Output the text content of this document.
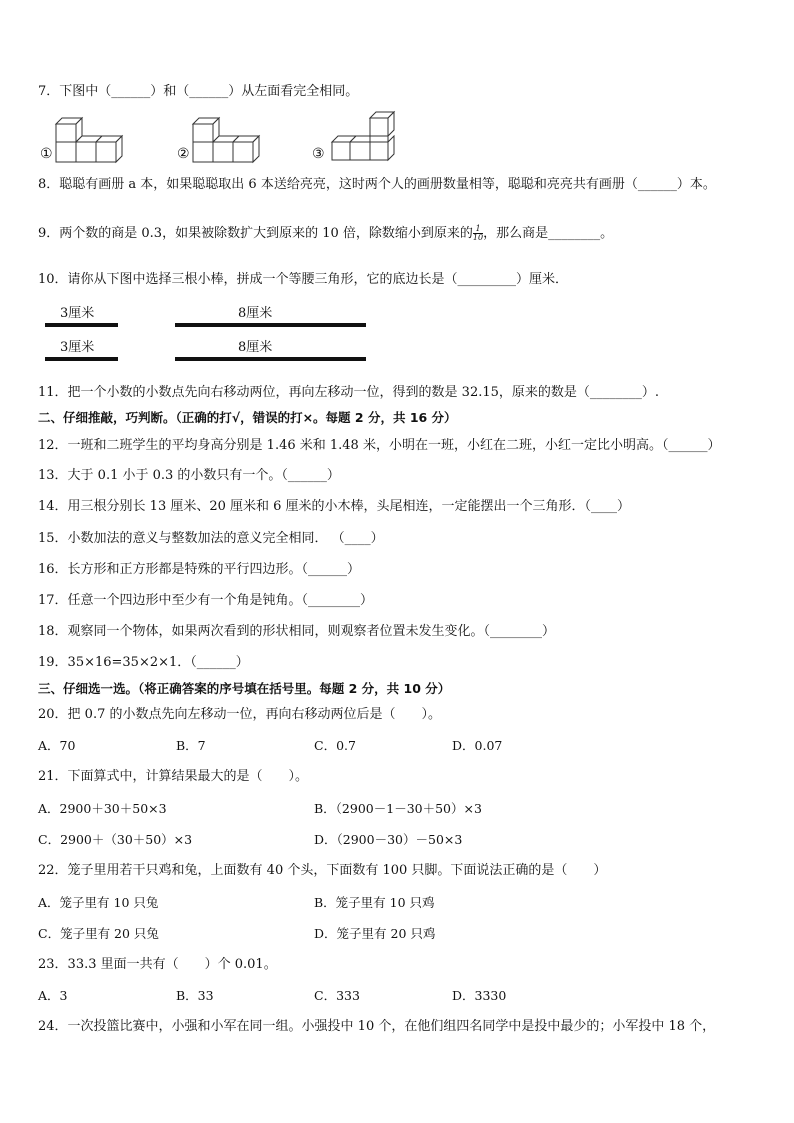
7．下图中（______）和（______）从左面看完全相同。
①	②	③
8．聪聪有画册 a 本，如果聪聪取出 6 本送给亮亮，这时两个人的画册数量相等，聪聪和亮亮共有画册（______）本。
9．两个数的商是 0.3，如果被除数扩大到原来的 10 倍，除数缩小到原来的 $\frac{1}{10}$ ，那么商是________。
10．请你从下图中选择三根小棒，拼成一个等腰三角形，它的底边长是（_________）厘米．
3厘米	8厘米
3厘米	8厘米
11．把一个小数的小数点先向右移动两位，再向左移动一位，得到的数是 32.15，原来的数是（________）.
二、仔细推敲，巧判断。（正确的打√，错误的打×。每题 2 分，共 16 分）
12．一班和二班学生的平均身高分别是 1.46 米和 1.48 米，小明在一班，小红在二班，小红一定比小明高。（______）
13．大于 0.1 小于 0.3 的小数只有一个。（______）
14．用三根分别长 13 厘米、20 厘米和 6 厘米的小木棒，头尾相连，一定能摆出一个三角形．（____）
15．小数加法的意义与整数加法的意义完全相同． （____）
16．长方形和正方形都是特殊的平行四边形。（______）
17．任意一个四边形中至少有一个角是钝角。（________）
18．观察同一个物体，如果两次看到的形状相同，则观察者位置未发生变化。（________）
19．35×16=35×2×1．（______）
三、仔细选一选。（将正确答案的序号填在括号里。每题 2 分，共 10 分）
20．把 0.7 的小数点先向左移动一位，再向右移动两位后是（　　）。
A．70	B．7	C．0.7	D．0.07
21．下面算式中，计算结果最大的是（　　）。
A．2900＋30＋50×3	B．（2900－1－30＋50）×3
C．2900＋（30＋50）×3	D．（2900－30）－50×3
22．笼子里用若干只鸡和兔，上面数有 40 个头，下面数有 100 只脚。下面说法正确的是（　　）
A．笼子里有 10 只兔	B．笼子里有 10 只鸡
C．笼子里有 20 只兔	D．笼子里有 20 只鸡
23．33.3 里面一共有（　　）个 0.01。
A．3	B．33	C．333	D．3330
24．一次投篮比赛中，小强和小军在同一组。小强投中 10 个，在他们组四名同学中是投中最少的；小军投中 18 个，
